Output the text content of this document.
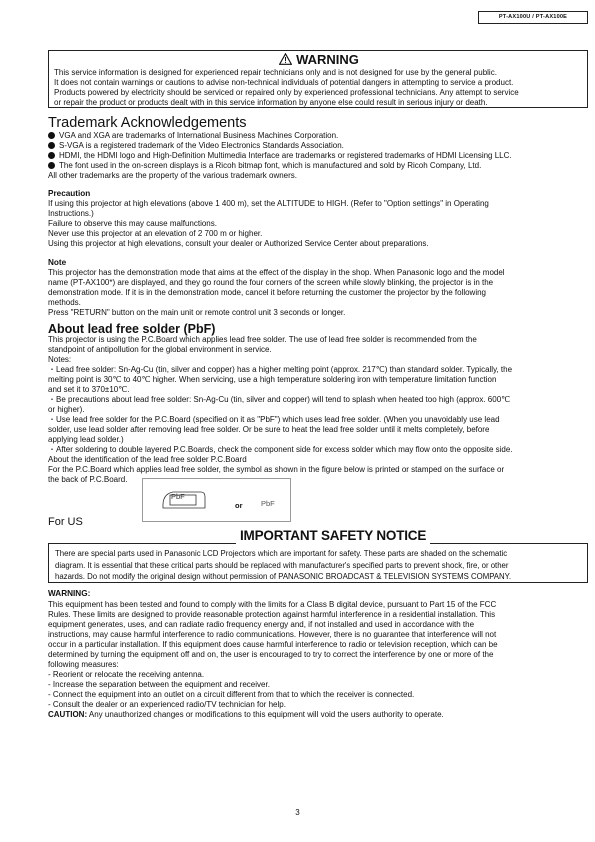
PT-AX100U / PT-AX100E
WARNING
This service information is designed for experienced repair technicians only and is not designed for use by the general public.
It does not contain warnings or cautions to advise non-technical individuals of potential dangers in attempting to service a product.
Products powered by electricity should be serviced or repaired only by experienced professional technicians. Any attempt to service
or repair the product or products dealt with in this service information by anyone else could result in serious injury or death.
Trademark Acknowledgements
VGA and XGA are trademarks of International Business Machines Corporation.
S-VGA is a registered trademark of the Video Electronics Standards Association.
HDMI, the HDMI logo and High-Definition Multimedia Interface are trademarks or registered trademarks of HDMI Licensing LLC.
The font used in the on-screen displays is a Ricoh bitmap font, which is manufactured and sold by Ricoh Company, Ltd.
All other trademarks are the property of the various trademark owners.
Precaution
If using this projector at high elevations (above 1 400 m), set the ALTITUDE to HIGH. (Refer to "Option settings" in Operating
Instructions.)
Failure to observe this may cause malfunctions.
Never use this projector at an elevation of 2 700 m or higher.
Using this projector at high elevations, consult your dealer or Authorized Service Center about preparations.
Note
This projector has the demonstration mode that aims at the effect of the display in the shop. When Panasonic logo and the model
name (PT-AX100*) are displayed, and they go round the four corners of the screen while slowly blinking, the projector is in the
demonstration mode. If it is in the demonstration mode, cancel it before returning the customer the projector by the following
methods.
Press "RETURN" button on the main unit or remote control unit 3 seconds or longer.
About lead free solder (PbF)
This projector is using the P.C.Board which applies lead free solder. The use of lead free solder is recommended from the
standpoint of antipollution for the global environment in service.
Notes:
・Lead free solder: Sn-Ag-Cu (tin, silver and copper) has a higher melting point (approx. 217℃) than standard solder. Typically, the
melting point is 30℃ to 40℃ higher. When servicing, use a high temperature soldering iron with temperature limitation function
and set it to 370±10℃.
・Be precautions about lead free solder: Sn-Ag-Cu (tin, silver and copper) will tend to splash when heated too high (approx. 600℃
or higher).
・Use lead free solder for the P.C.Board (specified on it as "PbF") which uses lead free solder. (When you unavoidably use lead
solder, use lead solder after removing lead free solder. Or be sure to heat the lead free solder until it melts completely, before
applying lead solder.)
・After soldering to double layered P.C.Boards, check the component side for excess solder which may flow onto the opposite side.
About the identification of the lead free solder P.C.Board
For the P.C.Board which applies lead free solder, the symbol as shown in the figure below is printed or stamped on the surface or
the back of P.C.Board.
PbF
or PbF
For US
There are special parts used in Panasonic LCD Projectors which are important for safety. These parts are shaded on the schematic
diagram. It is essential that these critical parts should be replaced with manufacturer's specified parts to prevent shock, fire, or other
hazards. Do not modify the original design without permission of PANASONIC BROADCAST & TELEVISION SYSTEMS COMPANY.
IMPORTANT SAFETY NOTICE
WARNING:
This equipment has been tested and found to comply with the limits for a Class B digital device, pursuant to Part 15 of the FCC
Rules. These limits are designed to provide reasonable protection against harmful interference in a residential installation. This
equipment generates, uses, and can radiate radio frequency energy and, if not installed and used in accordance with the
instructions, may cause harmful interference to radio communications. However, there is no guarantee that interference will not
occur in a particular installation. If this equipment does cause harmful interference to radio or television reception, which can be
determined by turning the equipment off and on, the user is encouraged to try to correct the interference by one or more of the
following measures:
- Reorient or relocate the receiving antenna.
- Increase the separation between the equipment and receiver.
- Connect the equipment into an outlet on a circuit different from that to which the receiver is connected.
- Consult the dealer or an experienced radio/TV technician for help.
CAUTION: Any unauthorized changes or modifications to this equipment will void the users authority to operate.
3
